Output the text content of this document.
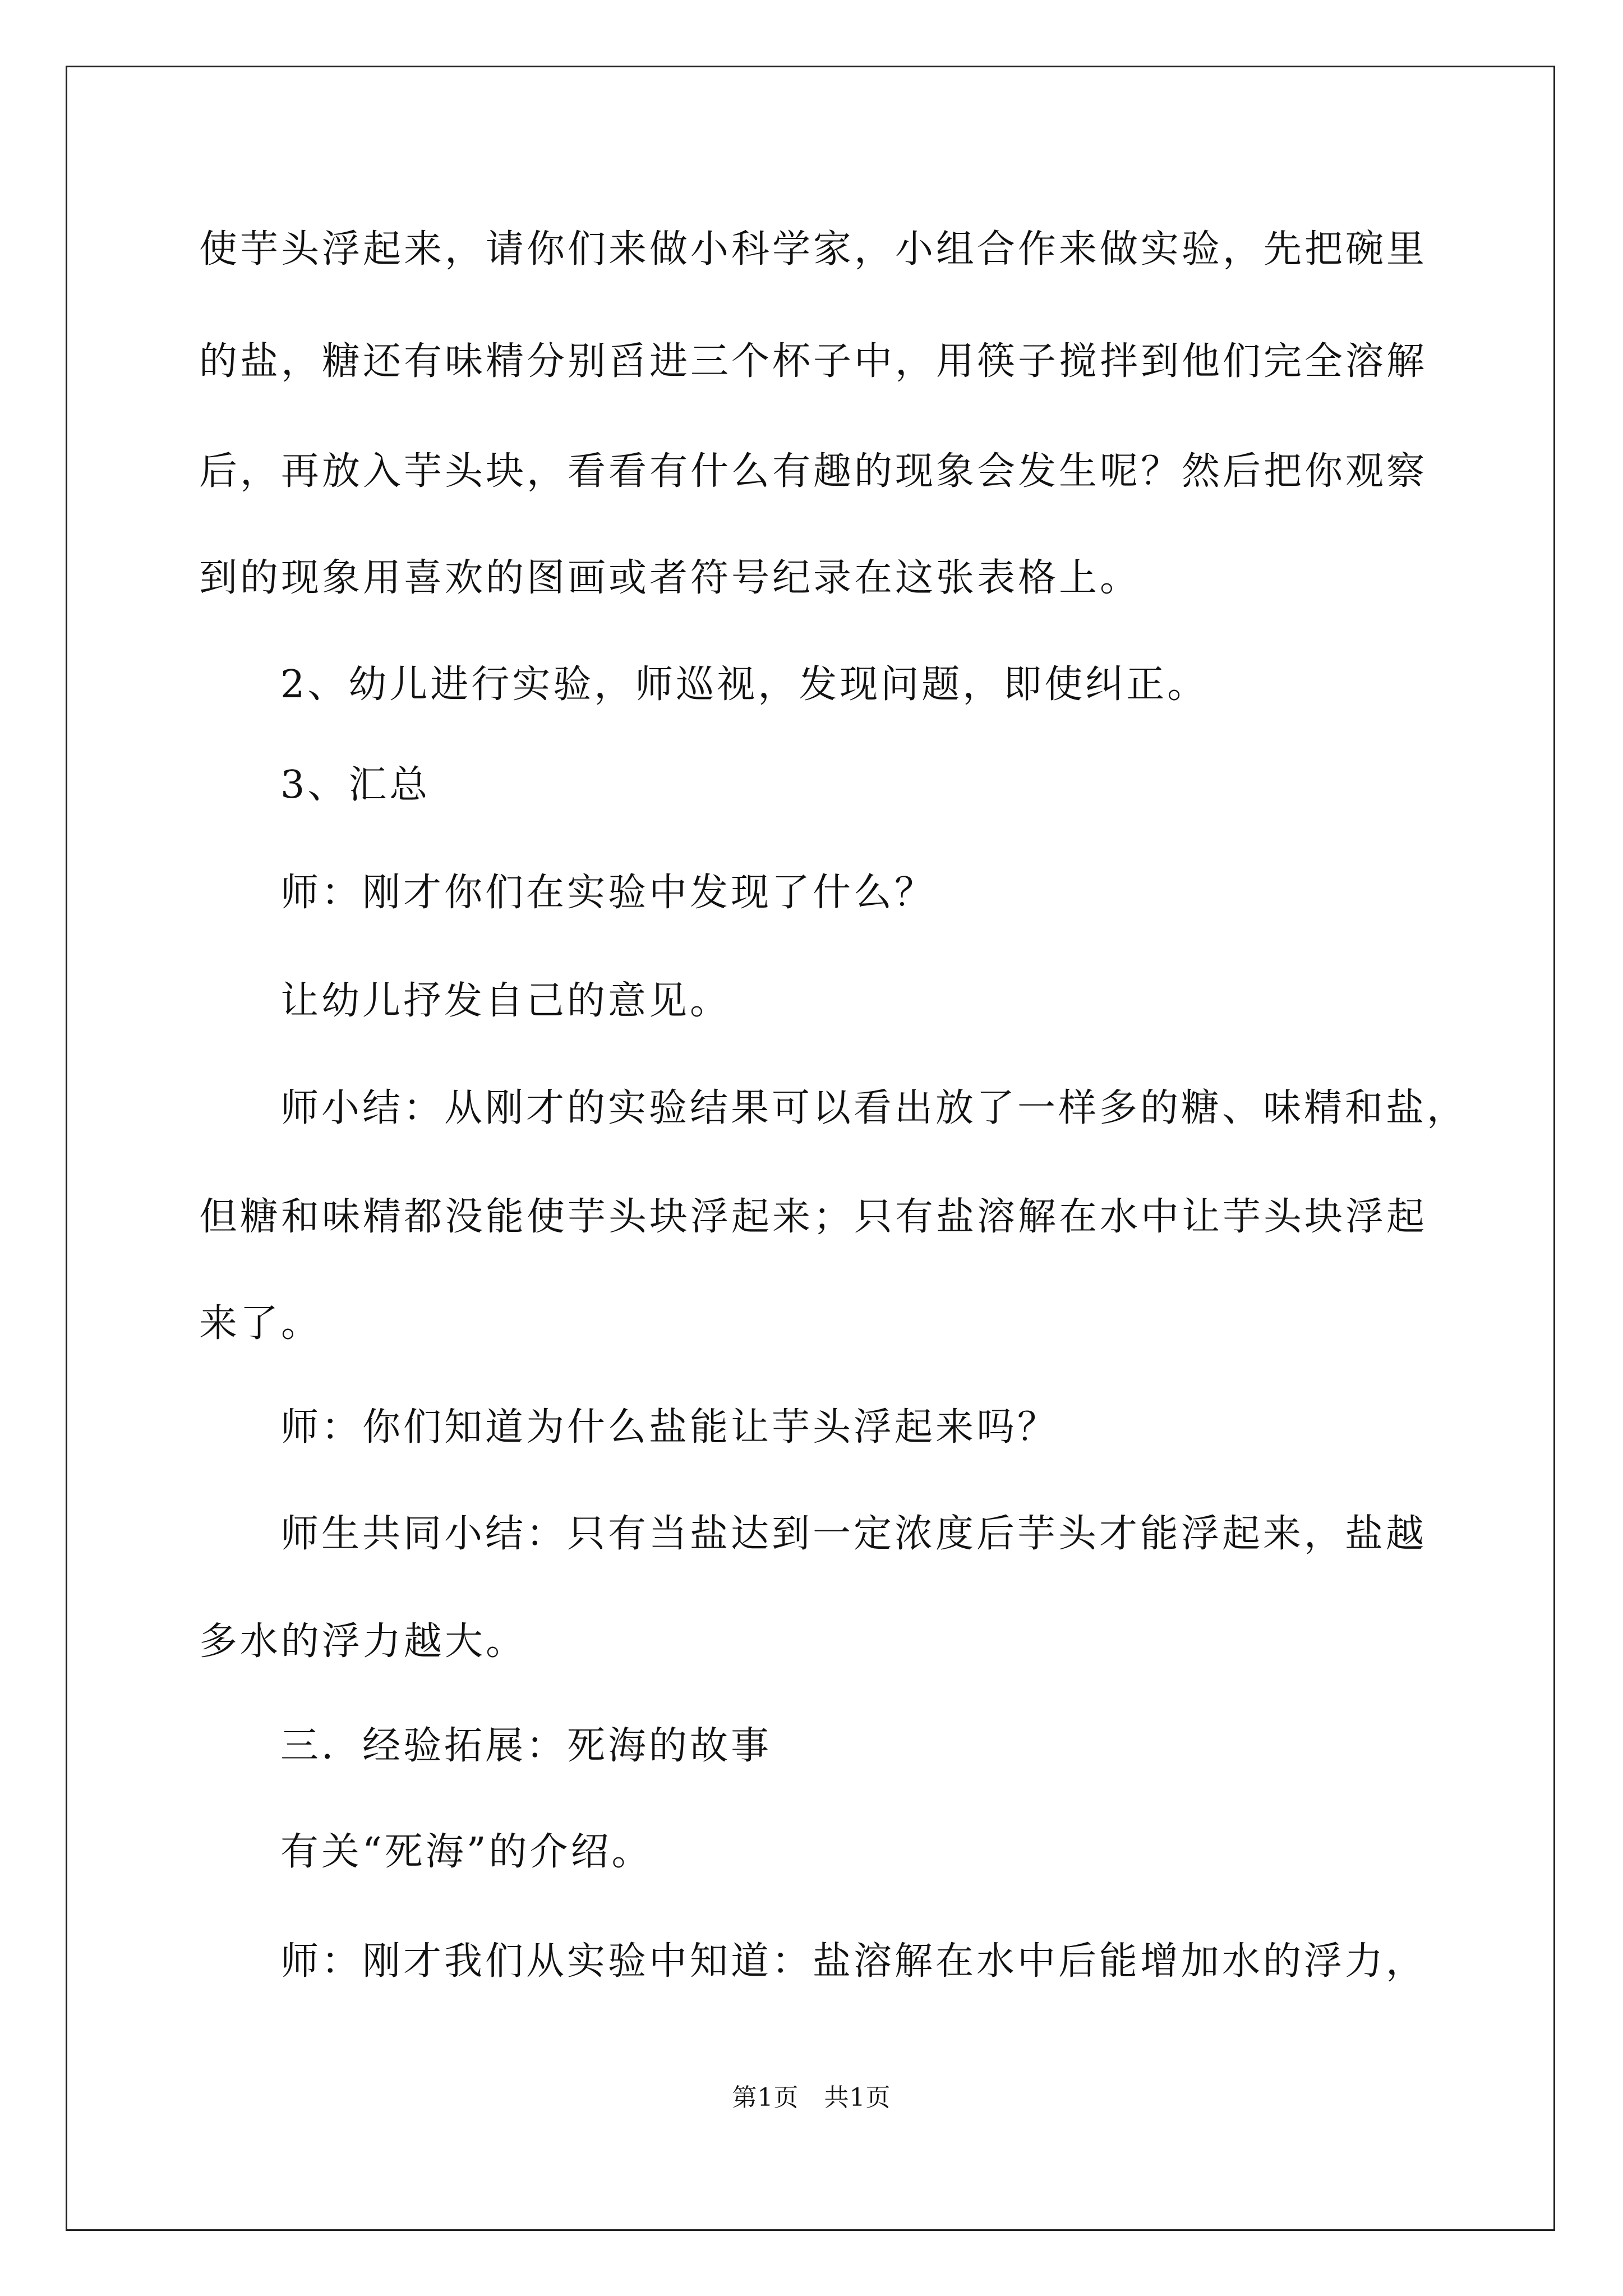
使芋头浮起来，请你们来做小科学家，小组合作来做实验，先把碗里
的盐，糖还有味精分别舀进三个杯子中，用筷子搅拌到他们完全溶解
后，再放入芋头块，看看有什么有趣的现象会发生呢？然后把你观察
到的现象用喜欢的图画或者符号纪录在这张表格上。
2、幼儿进行实验，师巡视，发现问题，即使纠正。
3、汇总
师：刚才你们在实验中发现了什么？
让幼儿抒发自己的意见。
师小结：从刚才的实验结果可以看出放了一样多的糖、味精和盐，
但糖和味精都没能使芋头块浮起来；只有盐溶解在水中让芋头块浮起
来了。
师：你们知道为什么盐能让芋头浮起来吗？
师生共同小结：只有当盐达到一定浓度后芋头才能浮起来，盐越
多水的浮力越大。
三．经验拓展：死海的故事
有关“死海”的介绍。
师：刚才我们从实验中知道：盐溶解在水中后能增加水的浮力，
第1页   共1页
